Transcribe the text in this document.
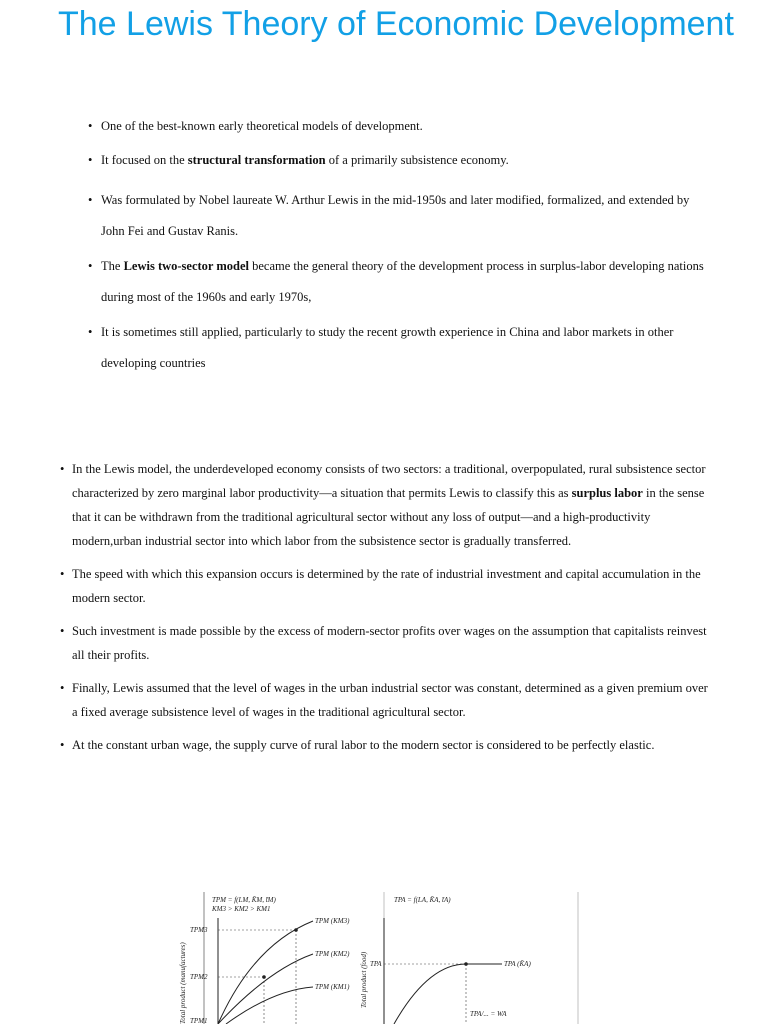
The Lewis Theory of Economic Development
• One of the best-known early theoretical models of development.
• It focused on the structural transformation of a primarily subsistence economy.
• Was formulated by Nobel laureate W. Arthur Lewis in the mid-1950s and later modified, formalized, and extended by John Fei and Gustav Ranis.
• The Lewis two-sector model became the general theory of the development process in surplus-labor developing nations during most of the 1960s and early 1970s,
• It is sometimes still applied, particularly to study the recent growth experience in China and labor markets in other developing countries
• In the Lewis model, the underdeveloped economy consists of two sectors: a traditional, overpopulated, rural subsistence sector characterized by zero marginal labor productivity—a situation that permits Lewis to classify this as surplus labor in the sense that it can be withdrawn from the traditional agricultural sector without any loss of output—and a high-productivity modern,urban industrial sector into which labor from the subsistence sector is gradually transferred.
• The speed with which this expansion occurs is determined by the rate of industrial investment and capital accumulation in the modern sector.
• Such investment is made possible by the excess of modern-sector profits over wages on the assumption that capitalists reinvest all their profits.
• Finally, Lewis assumed that the level of wages in the urban industrial sector was constant, determined as a given premium over a fixed average subsistence level of wages in the traditional agricultural sector.
• At the constant urban wage, the supply curve of rural labor to the modern sector is considered to be perfectly elastic.
TPM = f(LM, K̄M, t̄M)
KM3 > KM2 > KM1
Total product (manufactures)
TPM3
TPM2
TPM1
TPM (KM3)
TPM (KM2)
TPM (KM1)
TPA = f(LA, K̄A, t̄A)
Total product (food) TPA	TPA (K̄A)
TPA/... = WA
